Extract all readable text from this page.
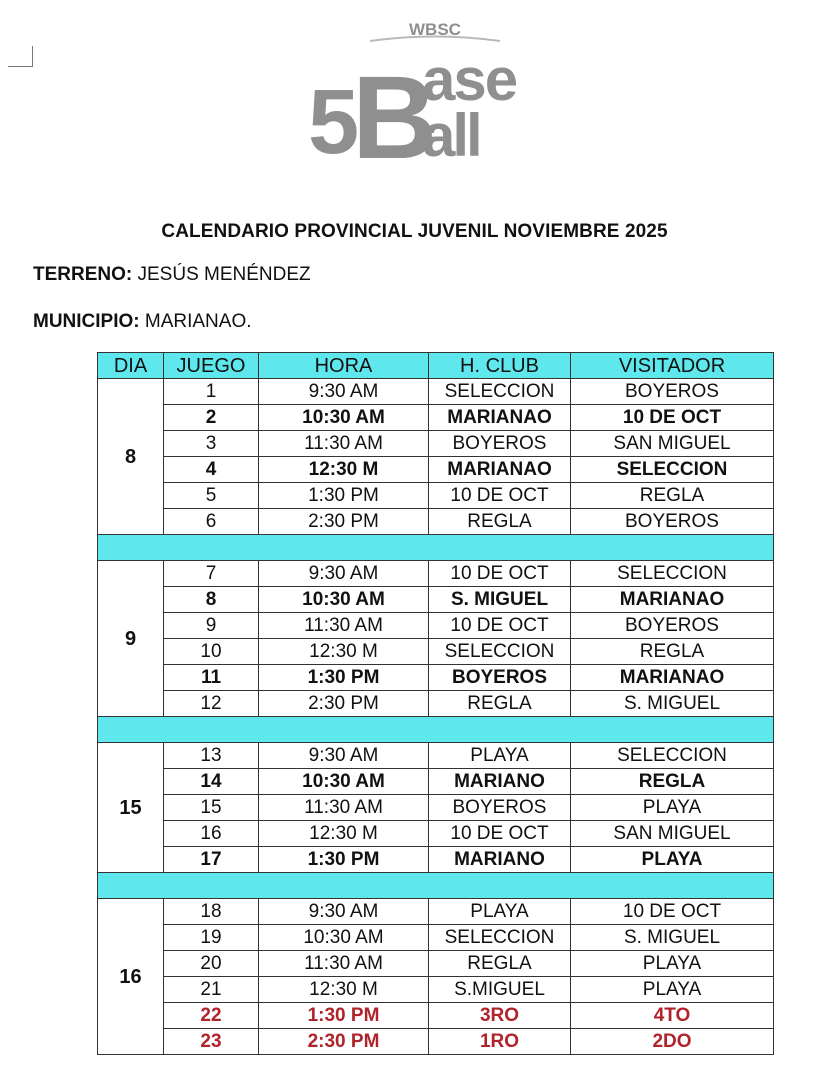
WBSC
5
B
ase
all
CALENDARIO PROVINCIAL JUVENIL NOVIEMBRE 2025
TERRENO: JESÚS MENÉNDEZ
MUNICIPIO: MARIANAO.
DIA	JUEGO	HORA	H. CLUB	VISITADOR
8	1	9:30 AM	SELECCION	BOYEROS
	2	10:30 AM	MARIANAO	10 DE OCT
	3	11:30 AM	BOYEROS	SAN MIGUEL
	4	12:30 M	MARIANAO	SELECCION
	5	1:30 PM	10 DE OCT	REGLA
	6	2:30 PM	REGLA	BOYEROS

9	7	9:30 AM	10 DE OCT	SELECCION
	8	10:30 AM	S. MIGUEL	MARIANAO
	9	11:30 AM	10 DE OCT	BOYEROS
	10	12:30 M	SELECCION	REGLA
	11	1:30 PM	BOYEROS	MARIANAO
	12	2:30 PM	REGLA	S. MIGUEL

15	13	9:30 AM	PLAYA	SELECCION
	14	10:30 AM	MARIANO	REGLA
	15	11:30 AM	BOYEROS	PLAYA
	16	12:30 M	10 DE OCT	SAN MIGUEL
	17	1:30 PM	MARIANO	PLAYA

16	18	9:30 AM	PLAYA	10 DE OCT
	19	10:30 AM	SELECCION	S. MIGUEL
	20	11:30 AM	REGLA	PLAYA
	21	12:30 M	S.MIGUEL	PLAYA
	22	1:30 PM	3RO	4TO
	23	2:30 PM	1RO	2DO
